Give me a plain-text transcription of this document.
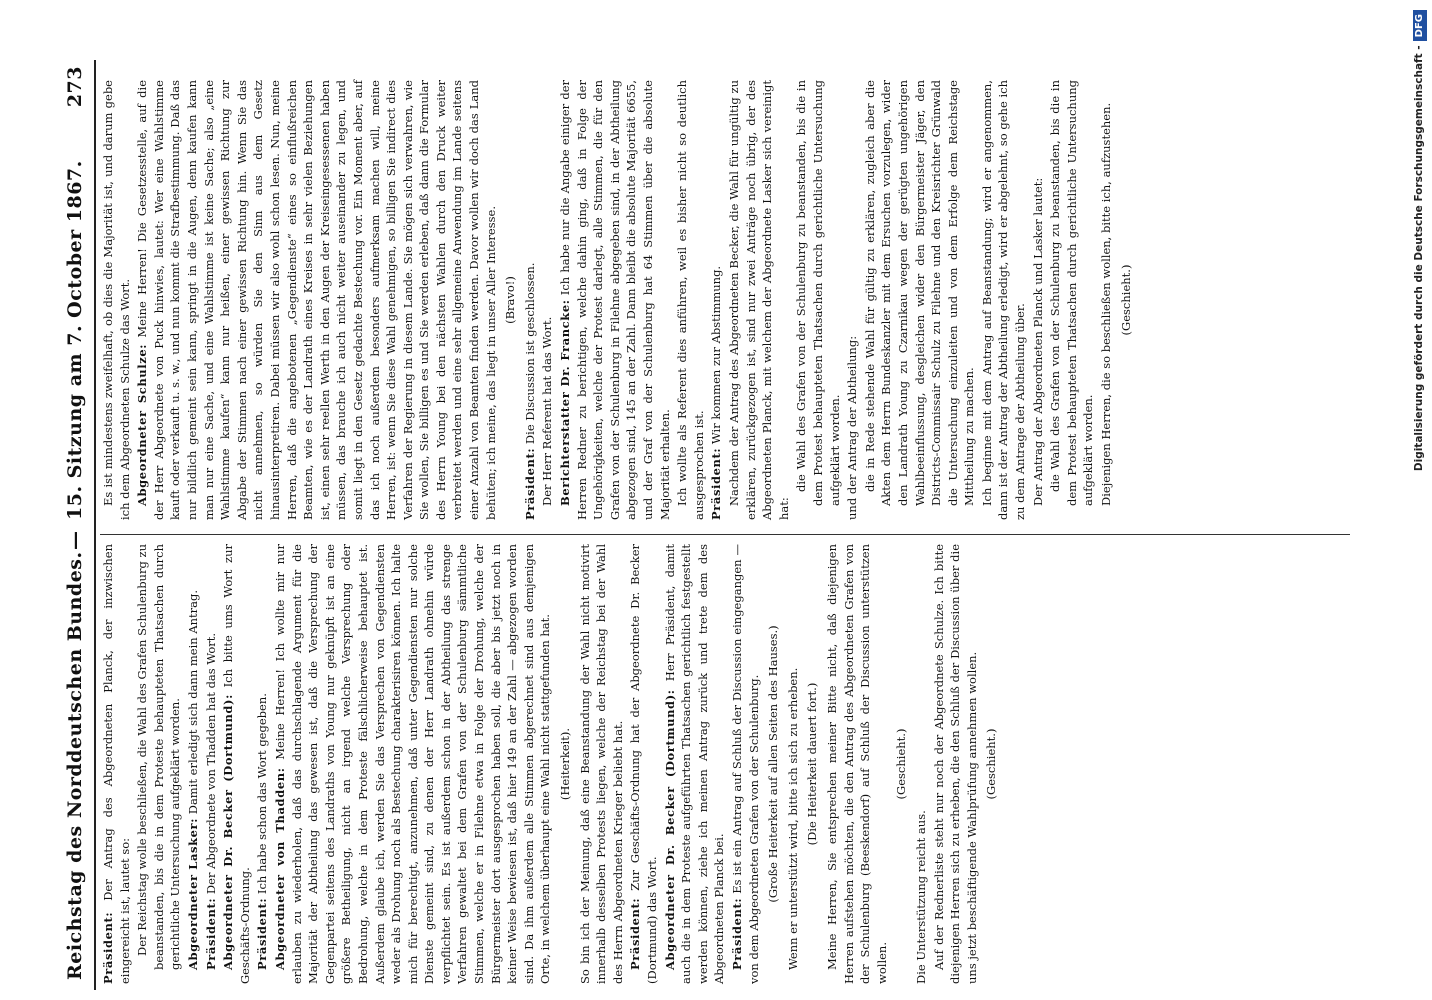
Reichstag des Norddeutschen Bundes.
—
15. Sitzung am 7. October 1867.
273

Präsident: Der Antrag des Abgeordneten Planck, der inzwischen eingereicht ist, lautet so: Der Reichstag wolle beschließen, die Wahl des Grafen Schulenburg zu beanstanden, bis die in dem Proteste behaupteten Thatsachen durch gerichtliche Untersuchung aufgeklärt worden. Abgeordneter Lasker: Damit erledigt sich dann mein Antrag.

Präsident: Der Abgeordnete von Thadden hat das Wort. Abgeordneter Dr. Becker (Dortmund): Ich bitte ums Wort zur Geschäfts-Ordnung. Präsident: Ich habe schon das Wort gegeben. Abgeordneter von Thadden: Meine Herren! Ich wollte mir nur erlauben zu wiederholen, daß das durchschlagende Argument für die Majorität der Abtheilung das gewesen ist, daß die Versprechung der Gegenpartei seitens des Landraths von Young nur geknüpft ist an eine größere Betheiligung, nicht an irgend welche Versprechung oder Bedrohung, welche in dem Proteste fälschlicherweise behauptet ist. Außerdem glaube ich, werden Sie das Versprechen von Gegendiensten weder als Drohung noch als Bestechung charakterisiren können. Ich halte mich für berechtigt, anzunehmen, daß unter Gegendiensten nur solche Dienste gemeint sind, zu denen der Herr Landrath ohnehin würde verpflichtet sein. Es ist außerdem schon in der Abtheilung das strenge Verfahren gewaltet bei dem Grafen von der Schulenburg sämmtliche Stimmen, welche er in Filehne etwa in Folge der Drohung, welche der Bürgermeister dort ausgesprochen haben soll, die aber bis jetzt noch in keiner Weise bewiesen ist, daß hier 149 an der Zahl — abgezogen worden sind. Da ihm außerdem alle Stimmen abgerechnet sind aus demjenigen Orte, in welchem überhaupt eine Wahl nicht stattgefunden hat. (Heiterkeit). So bin ich der Meinung, daß eine Beanstandung der Wahl nicht motivirt innerhalb desselben Protests liegen, welche der Reichstag bei der Wahl des Herrn Abgeordneten Krieger beliebt hat. Präsident: Zur Geschäfts-Ordnung hat der Abgeordnete Dr. Becker (Dortmund) das Wort. Abgeordneter Dr. Becker (Dortmund): Herr Präsident, damit auch die in dem Proteste aufgeführten Thatsachen gerichtlich festgestellt werden können, ziehe ich meinen Antrag zurück und trete dem des Abgeordneten Planck bei. Präsident: Es ist ein Antrag auf Schluß der Discussion eingegangen — von dem Abgeordneten Grafen von der Schulenburg. (Große Heiterkeit auf allen Seiten des Hauses.) Wenn er unterstützt wird, bitte ich sich zu erheben. (Die Heiterkeit dauert fort.) Meine Herren, Sie entsprechen meiner Bitte nicht, daß diejenigen Herren aufstehen möchten, die den Antrag des Abgeordneten Grafen von der Schulenburg (Beeskendorf) auf Schluß der Discussion unterstützen wollen.

(Geschieht.)

Die Unterstützung reicht aus. Auf der Rednerliste steht nur noch der Abgeordnete Schulze. Ich bitte diejenigen Herren sich zu erheben, die den Schluß der Discussion über die uns jetzt beschäftigende Wahlprüfung annehmen wollen. (Geschieht.)

Es ist mindestens zweifelhaft, ob dies die Majorität ist, und darum gebe ich dem Abgeordneten Schulze das Wort. Abgeordneter Schulze: Meine Herren! Die Gesetzesstelle, auf die der Herr Abgeordnete von Puck hinwies, lautet: Wer eine Wahlstimme kauft oder verkauft u. s. w., und nun kommt die Strafbestimmung. Daß das nur bildlich gemeint sein kann, springt in die Augen, denn kaufen kann man nur eine Sache, und eine Wahlstimme ist keine Sache; also „eine Wahlstimme kaufen“ kann nur heißen, einer gewissen Richtung zur Abgabe der Stimmen nach einer gewissen Richtung hin. Wenn Sie das nicht annehmen, so würden Sie den Sinn aus dem Gesetz hinausinterpretiren. Dabei müssen wir also wohl schon lesen. Nun, meine Herren, daß die angebotenen „Gegendienste“ eines so einflußreichen Beamten, wie es der Landrath eines Kreises in sehr vielen Beziehungen ist, einen sehr reellen Werth in den Augen der Kreiseingesessenen haben müssen, das brauche ich auch nicht weiter auseinander zu legen, und somit liegt in den Gesetz gedachte Bestechung vor. Ein Moment aber, auf das ich noch außerdem besonders aufmerksam machen will, meine Herren, ist: wenn Sie diese Wahl genehmigen, so billigen Sie indirect dies Verfahren der Regierung in diesem Lande. Sie mögen sich verwahren, wie Sie wollen, Sie billigen es und Sie werden erleben, daß dann die Formular des Herrn Young bei den nächsten Wahlen durch den Druck weiter verbreitet werden und eine sehr allgemeine Anwendung im Lande seitens einer Anzahl von Beamten finden werden. Davor wollen wir doch das Land behüten; ich meine, das liegt in unser Aller Interesse. (Bravo!)

Präsident: Die Discussion ist geschlossen. Der Herr Referent hat das Wort. Berichterstatter Dr. Francke: Ich habe nur die Angabe einiger der Herren Redner zu berichtigen, welche dahin ging, daß in Folge der Ungehörigkeiten, welche der Protest darlegt, alle Stimmen, die für den Grafen von der Schulenburg in Filehne abgegeben sind, in der Abtheilung abgezogen sind, 145 an der Zahl. Dann bleibt die absolute Majorität 6655, und der Graf von der Schulenburg hat 64 Stimmen über die absolute Majorität erhalten. Ich wollte als Referent dies anführen, weil es bisher nicht so deutlich ausgesprochen ist. Präsident: Wir kommen zur Abstimmung. Nachdem der Antrag des Abgeordneten Becker, die Wahl für ungültig zu erklären, zurückgezogen ist, sind nur zwei Anträge noch übrig, der des Abgeordneten Planck, mit welchem der Abgeordnete Lasker sich vereinigt hat:

die Wahl des Grafen von der Schulenburg zu beanstanden, bis die in dem Protest behaupteten Thatsachen durch gerichtliche Untersuchung aufgeklärt worden. und der Antrag der Abtheilung: die in Rede stehende Wahl für gültig zu erklären, zugleich aber die Akten dem Herrn Bundeskanzler mit dem Ersuchen vorzulegen, wider den Landrath Young zu Czarnikau wegen der gerügten ungehörigen Wahlbeeinflussung, desgleichen wider den Bürgermeister Jäger, den Districts-Commissair Schulz zu Filehne und den Kreisrichter Grünwald die Untersuchung einzuleiten und von dem Erfolge dem Reichstage Mittheilung zu machen. Ich beginne mit dem Antrag auf Beanstandung; wird er angenommen, dann ist der Antrag der Abtheilung erledigt, wird er abgelehnt, so gehe ich zu dem Antrage der Abtheilung über. Der Antrag der Abgeordneten Planck und Lasker lautet: die Wahl des Grafen von der Schulenburg zu beanstanden, bis die in dem Protest behaupteten Thatsachen durch gerichtliche Untersuchung aufgeklärt worden. Diejenigen Herren, die so beschließen wollen, bitte ich, aufzustehen. (Geschieht.)	Digitalisierung gefördert durch die Deutsche Forschungsgemeinschaft -DFG
